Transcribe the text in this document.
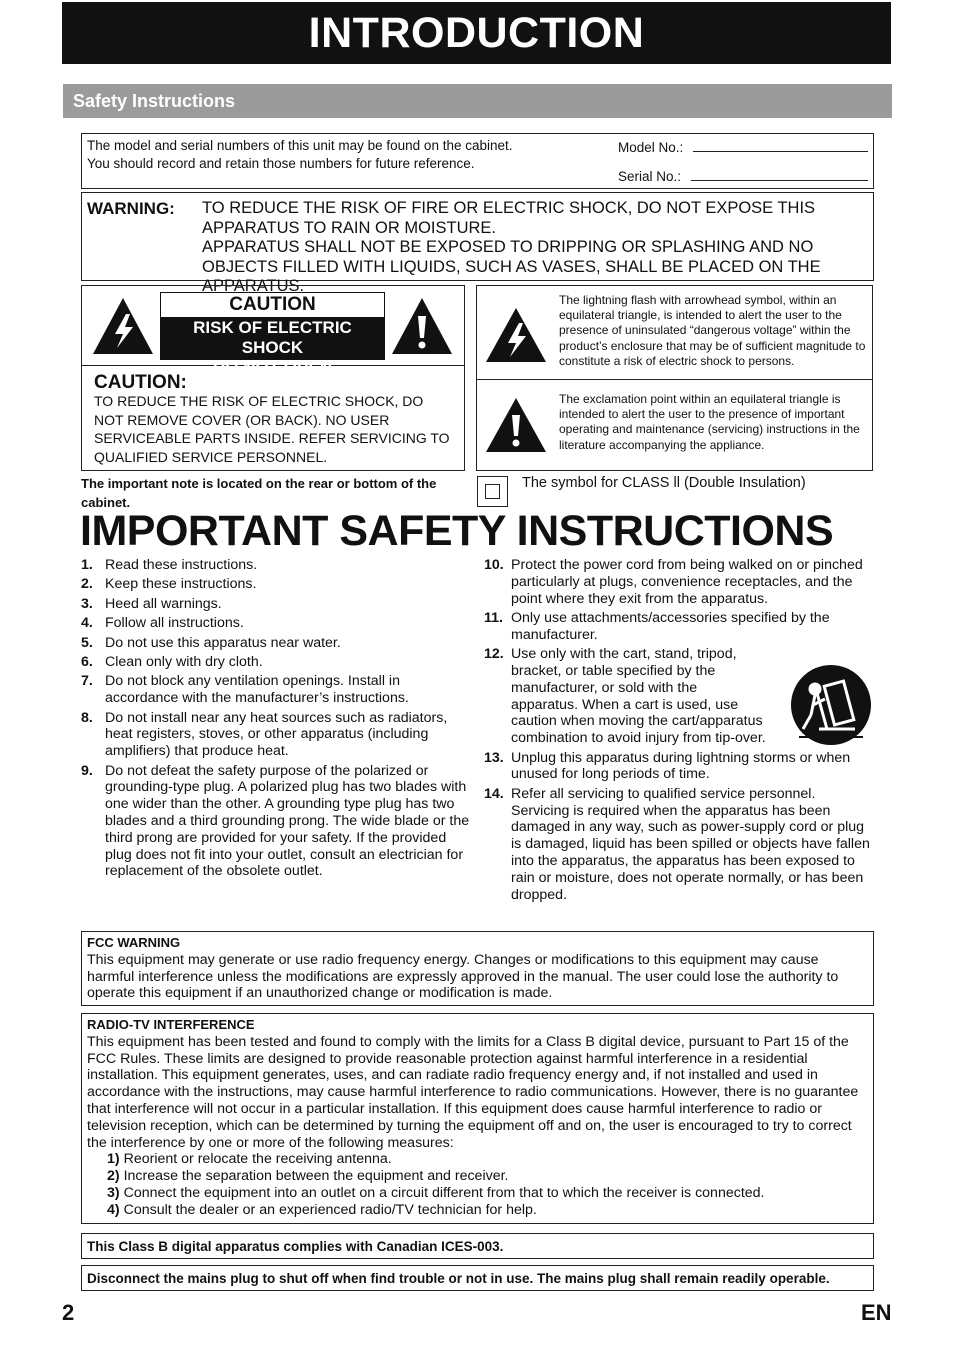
INTRODUCTION
Safety Instructions
The model and serial numbers of this unit may be found on the cabinet.
You should record and retain those numbers for future reference.
Model No.:
Serial No.:
WARNING: TO REDUCE THE RISK OF FIRE OR ELECTRIC SHOCK, DO NOT EXPOSE THIS APPARATUS TO RAIN OR MOISTURE.
APPARATUS SHALL NOT BE EXPOSED TO DRIPPING OR SPLASHING AND NO OBJECTS FILLED WITH LIQUIDS, SUCH AS VASES, SHALL BE PLACED ON THE APPARATUS.
CAUTION
RISK OF ELECTRIC SHOCK
DO NOT OPEN
CAUTION:
TO REDUCE THE RISK OF ELECTRIC SHOCK, DO NOT REMOVE COVER (OR BACK). NO USER SERVICEABLE PARTS INSIDE. REFER SERVICING TO QUALIFIED SERVICE PERSONNEL.
The lightning flash with arrowhead symbol, within an equilateral triangle, is intended to alert the user to the presence of uninsulated “dangerous voltage” within the product’s enclosure that may be of sufficient magnitude to constitute a risk of electric shock to persons.
The exclamation point within an equilateral triangle is intended to alert the user to the presence of important operating and maintenance (servicing) instructions in the literature accompanying the appliance.
The important note is located on the rear or bottom of the cabinet.
The symbol for CLASS ll (Double Insulation)
IMPORTANT SAFETY INSTRUCTIONS
1. Read these instructions.
2. Keep these instructions.
3. Heed all warnings.
4. Follow all instructions.
5. Do not use this apparatus near water.
6. Clean only with dry cloth.
7. Do not block any ventilation openings. Install in accordance with the manufacturer’s instructions.
8. Do not install near any heat sources such as radiators, heat registers, stoves, or other apparatus (including amplifiers) that produce heat.
9. Do not defeat the safety purpose of the polarized or grounding-type plug. A polarized plug has two blades with one wider than the other. A grounding type plug has two blades and a third grounding prong. The wide blade or the third prong are provided for your safety. If the provided plug does not fit into your outlet, consult an electrician for replacement of the obsolete outlet.
10. Protect the power cord from being walked on or pinched particularly at plugs, convenience receptacles, and the point where they exit from the apparatus.
11. Only use attachments/accessories specified by the manufacturer.
12. Use only with the cart, stand, tripod, bracket, or table specified by the manufacturer, or sold with the apparatus. When a cart is used, use caution when moving the cart/apparatus combination to avoid injury from tip-over.
13. Unplug this apparatus during lightning storms or when unused for long periods of time.
14. Refer all servicing to qualified service personnel. Servicing is required when the apparatus has been damaged in any way, such as power-supply cord or plug is damaged, liquid has been spilled or objects have fallen into the apparatus, the apparatus has been exposed to rain or moisture, does not operate normally, or has been dropped.
FCC WARNING
This equipment may generate or use radio frequency energy. Changes or modifications to this equipment may cause harmful interference unless the modifications are expressly approved in the manual. The user could lose the authority to operate this equipment if an unauthorized change or modification is made.
RADIO-TV INTERFERENCE
This equipment has been tested and found to comply with the limits for a Class B digital device, pursuant to Part 15 of the FCC Rules. These limits are designed to provide reasonable protection against harmful interference in a residential installation. This equipment generates, uses, and can radiate radio frequency energy and, if not installed and used in accordance with the instructions, may cause harmful interference to radio communications. However, there is no guarantee that interference will not occur in a particular installation. If this equipment does cause harmful interference to radio or television reception, which can be determined by turning the equipment off and on, the user is encouraged to try to correct the interference by one or more of the following measures:
1) Reorient or relocate the receiving antenna.
2) Increase the separation between the equipment and receiver.
3) Connect the equipment into an outlet on a circuit different from that to which the receiver is connected.
4) Consult the dealer or an experienced radio/TV technician for help.
This Class B digital apparatus complies with Canadian ICES-003.
Disconnect the mains plug to shut off when find trouble or not in use. The mains plug shall remain readily operable.
2	EN
